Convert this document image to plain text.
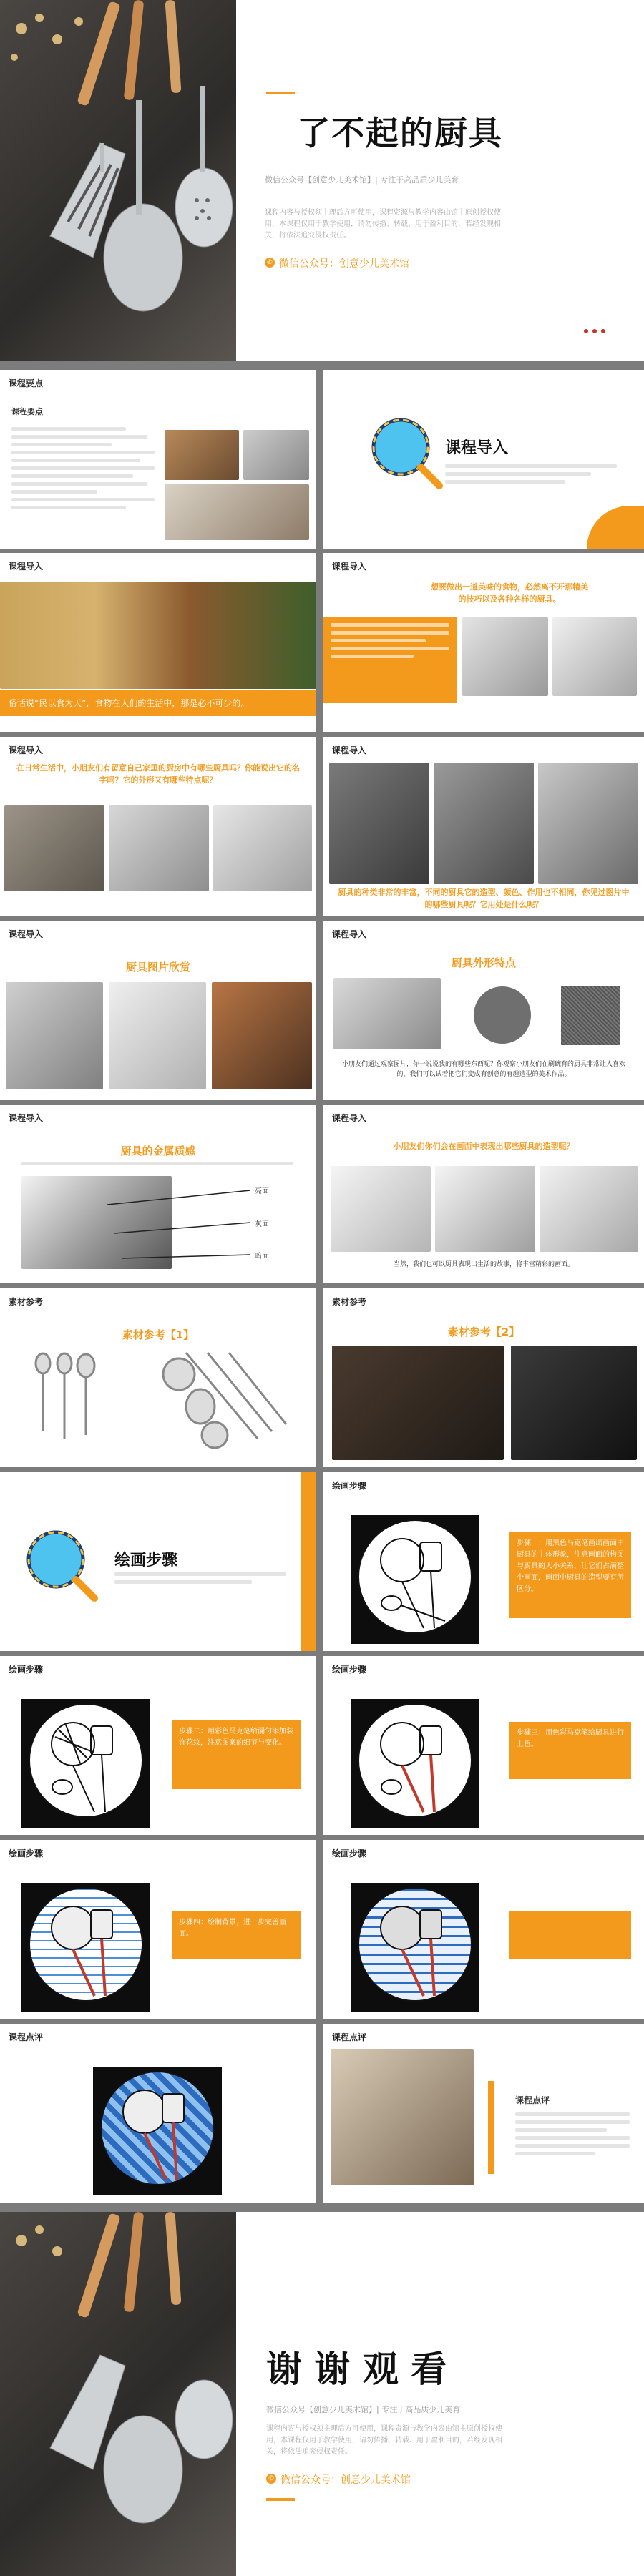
了不起的厨具
微信公众号【创意少儿美术馆】| 专注于高品质少儿美育
课程内容与授权须主理后方可使用，课程资源与教学内容由馆主原创授权使用，本课程仅用于教学使用，请勿传播、转载、用于盈利目的，若经发现相关，将依法追究侵权责任。
✆ 微信公众号：创意少儿美术馆
课程要点
课程要点
课程导入
课程导入
俗话说“民以食为天”，食物在人们的生活中，那是必不可少的。
课程导入
想要做出一道美味的食物，必然离不开那精美的技巧以及各种各样的厨具。
课程导入
在日常生活中，小朋友们有留意自己家里的厨房中有哪些厨具吗？你能说出它的名字吗？它的外形又有哪些特点呢？
课程导入
厨具的种类非常的丰富，不同的厨具它的造型、颜色、作用也不相同，你见过图片中的哪些厨具呢？它用处是什么呢？
课程导入
厨具图片欣赏
课程导入
厨具外形特点
小朋友们通过观察图片，你一说说我的有哪些东西呢？你观察小朋友们在刷碗有的厨具非常让人喜欢的，我们可以试着把它们变成有创意的有趣造型的美术作品。
课程导入
厨具的金属质感
亮面
灰面
暗面
课程导入
小朋友们你们会在画面中表现出哪些厨具的造型呢？
当然，我们也可以厨具表现出生活的故事，将丰富精彩的画面。
素材参考
素材参考【1】
素材参考
素材参考【2】
绘画步骤
绘画步骤
步骤一：用黑色马克笔画出画面中厨具的主体形象，注意画面的构图与厨具的大小关系，让它们占满整个画面，画面中厨具的造型要有所区分。
绘画步骤
步骤二：用彩色马克笔给漏勺添加装饰花纹，注意图案的细节与变化。
绘画步骤
步骤三：用色彩马克笔给厨具进行上色。
绘画步骤
步骤四：绘制背景，进一步完善画面。
绘画步骤
课程点评	课程点评
课程点评
谢 谢 观 看
微信公众号【创意少儿美术馆】| 专注于高品质少儿美育
课程内容与授权须主理后方可使用，课程资源与教学内容由馆主原创授权使用，本课程仅用于教学使用，请勿传播、转载、用于盈利目的，若经发现相关，将依法追究侵权责任。
✆ 微信公众号：创意少儿美术馆
